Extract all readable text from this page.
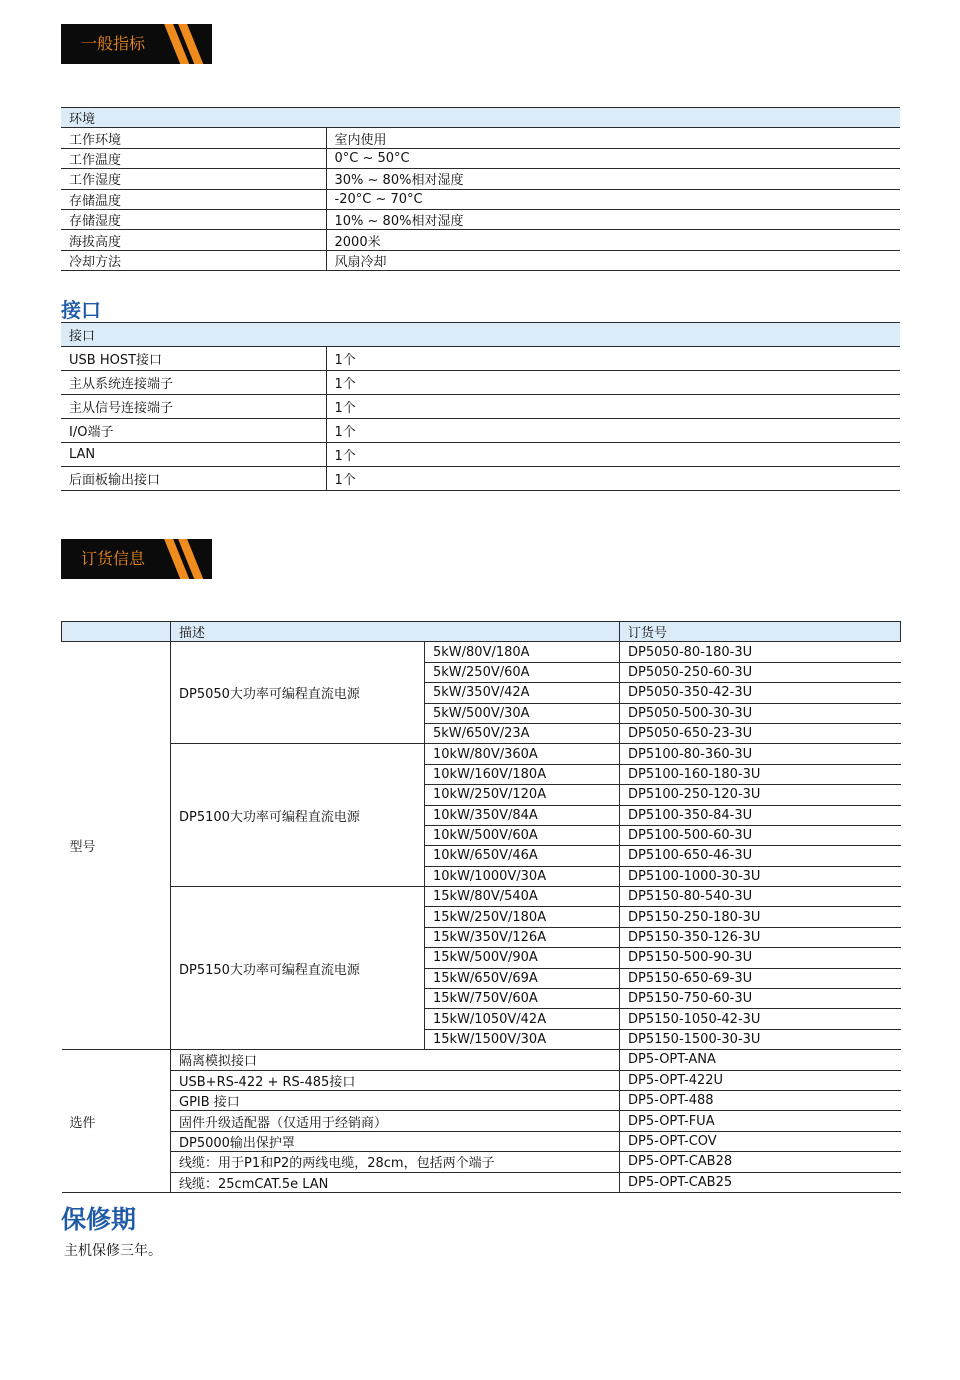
一般指标
环境	
工作环境	室内使用
工作温度	0°C ~ 50°C
工作湿度	30% ~ 80%相对湿度
存储温度	-20°C ~ 70°C
存储湿度	10% ~ 80%相对湿度
海拔高度	2000米
冷却方法	风扇冷却
接口
接口	
USB HOST接口	1个
主从系统连接端子	1个
主从信号连接端子	1个
I/O端子	1个
LAN	1个
后面板输出接口	1个
订货信息
	描述		订货号
型号	DP5050大功率可编程直流电源	5kW/80V/180A	DP5050-80-180-3U
		5kW/250V/60A	DP5050-250-60-3U
		5kW/350V/42A	DP5050-350-42-3U
		5kW/500V/30A	DP5050-500-30-3U
		5kW/650V/23A	DP5050-650-23-3U
	DP5100大功率可编程直流电源	10kW/80V/360A	DP5100-80-360-3U
		10kW/160V/180A	DP5100-160-180-3U
		10kW/250V/120A	DP5100-250-120-3U
		10kW/350V/84A	DP5100-350-84-3U
		10kW/500V/60A	DP5100-500-60-3U
		10kW/650V/46A	DP5100-650-46-3U
		10kW/1000V/30A	DP5100-1000-30-3U
	DP5150大功率可编程直流电源	15kW/80V/540A	DP5150-80-540-3U
		15kW/250V/180A	DP5150-250-180-3U
		15kW/350V/126A	DP5150-350-126-3U
		15kW/500V/90A	DP5150-500-90-3U
		15kW/650V/69A	DP5150-650-69-3U
		15kW/750V/60A	DP5150-750-60-3U
		15kW/1050V/42A	DP5150-1050-42-3U
		15kW/1500V/30A	DP5150-1500-30-3U
选件	隔离模拟接口		DP5-OPT-ANA
	USB+RS-422 + RS-485接口		DP5-OPT-422U
	GPIB 接口		DP5-OPT-488
	固件升级适配器（仅适用于经销商）		DP5-OPT-FUA
	DP5000输出保护罩		DP5-OPT-COV
	线缆：用于P1和P2的两线电缆，28cm，包括两个端子		DP5-OPT-CAB28
	线缆：25cmCAT.5e LAN		DP5-OPT-CAB25
保修期
主机保修三年。
